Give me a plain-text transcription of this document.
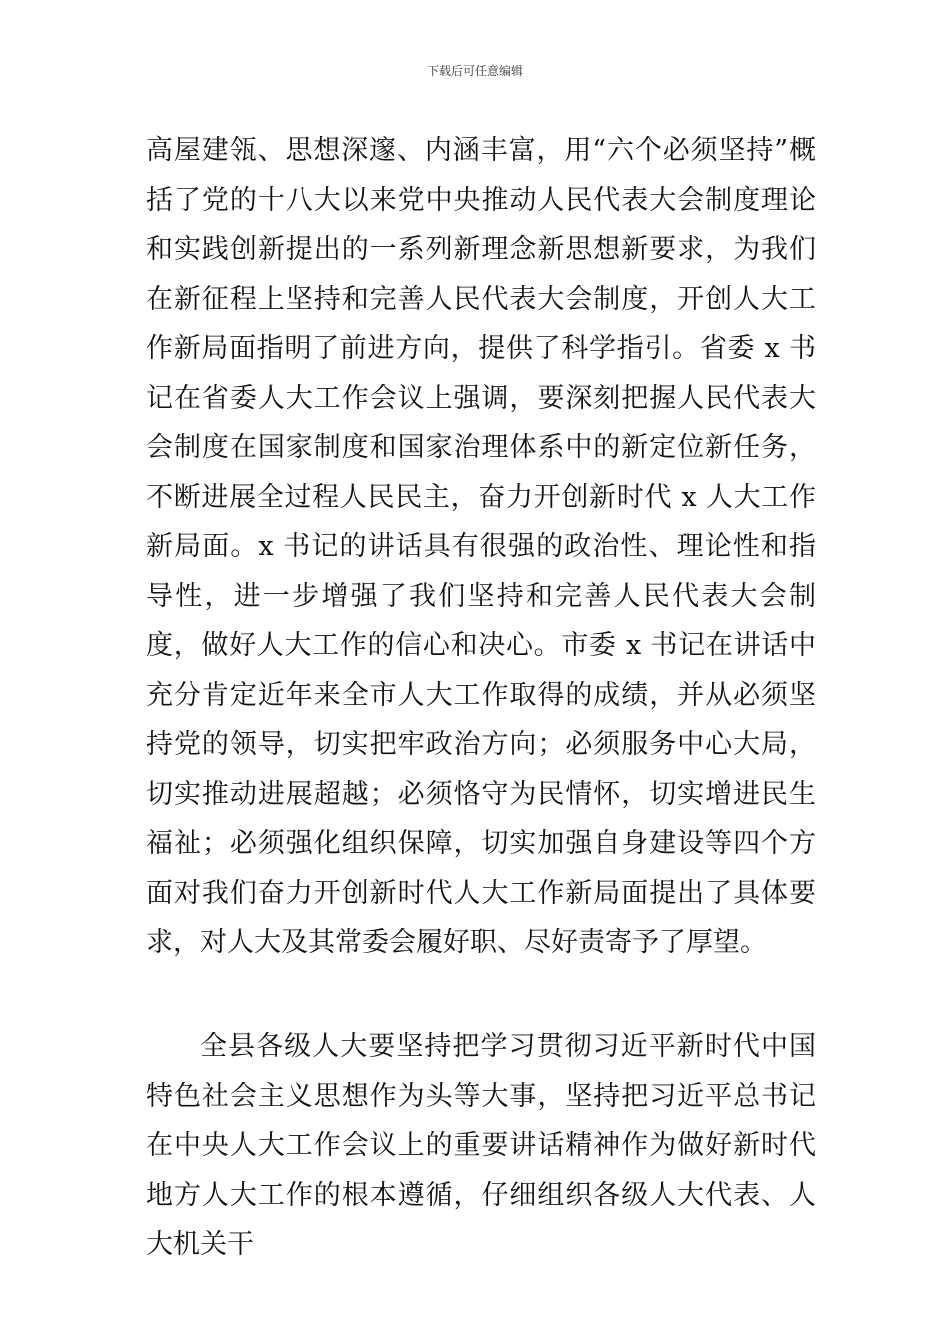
下载后可任意编辑

高屋建瓴、思想深邃、内涵丰富，用“六个必须坚持”概括了党的十八大以来党中央推动人民代表大会制度理论和实践创新提出的一系列新理念新思想新要求，为我们在新征程上坚持和完善人民代表大会制度，开创人大工作新局面指明了前进方向，提供了科学指引。省委 x 书记在省委人大工作会议上强调，要深刻把握人民代表大会制度在国家制度和国家治理体系中的新定位新任务，不断进展全过程人民民主，奋力开创新时代 x 人大工作新局面。x 书记的讲话具有很强的政治性、理论性和指导性，进一步增强了我们坚持和完善人民代表大会制度，做好人大工作的信心和决心。市委 x 书记在讲话中充分肯定近年来全市人大工作取得的成绩，并从必须坚持党的领导，切实把牢政治方向；必须服务中心大局，切实推动进展超越；必须恪守为民情怀，切实增进民生福祉；必须强化组织保障，切实加强自身建设等四个方面对我们奋力开创新时代人大工作新局面提出了具体要求，对人大及其常委会履好职、尽好责寄予了厚望。

全县各级人大要坚持把学习贯彻习近平新时代中国特色社会主义思想作为头等大事，坚持把习近平总书记在中央人大工作会议上的重要讲话精神作为做好新时代地方人大工作的根本遵循，仔细组织各级人大代表、人大机关干
